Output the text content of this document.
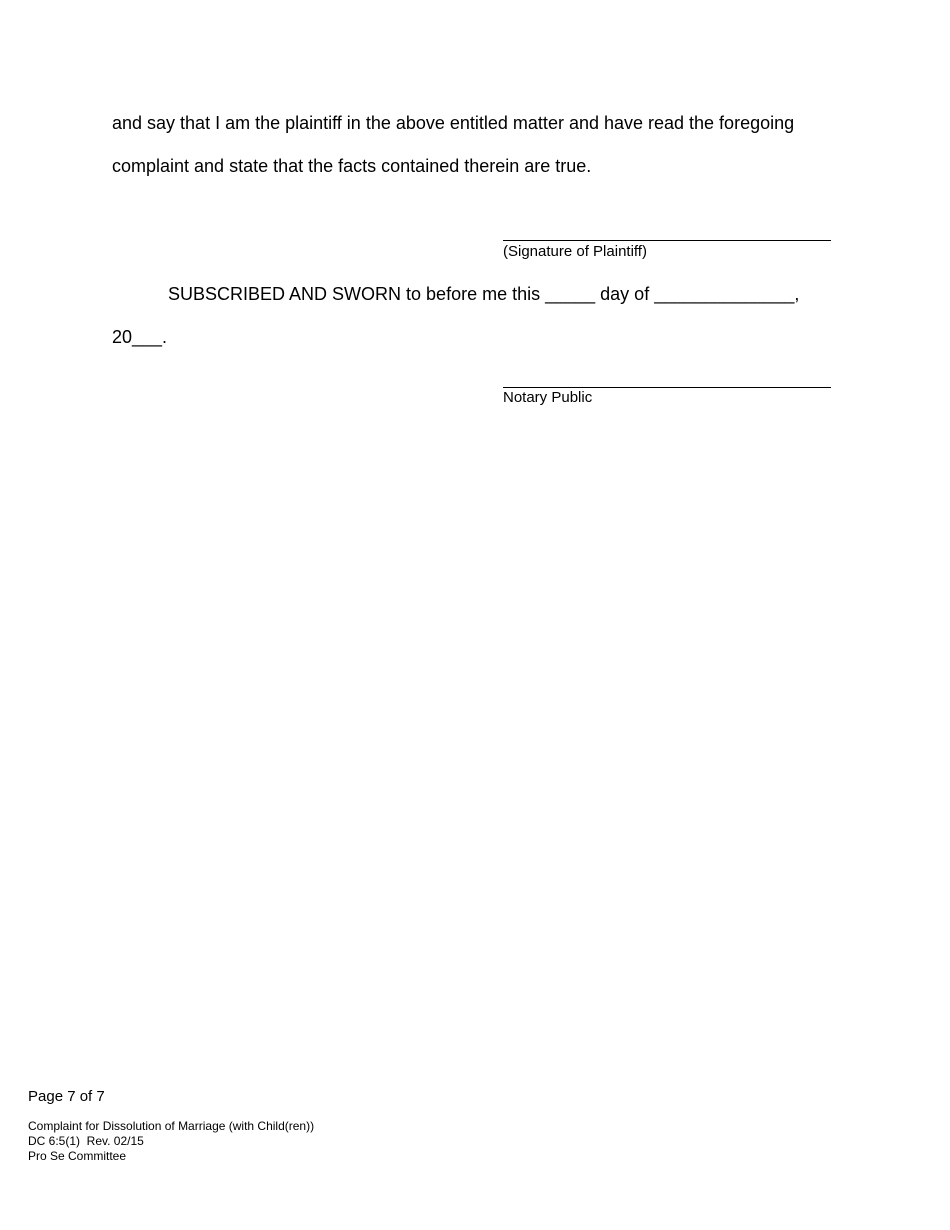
and say that I am the plaintiff in the above entitled matter and have read the foregoing

complaint and state that the facts contained therein are true.

(Signature of Plaintiff)

SUBSCRIBED AND SWORN to before me this _____ day of ______________,

20___.

Notary Public

Page 7 of 7

Complaint for Dissolution of Marriage (with Child(ren))
DC 6:5(1)  Rev. 02/15
Pro Se Committee
